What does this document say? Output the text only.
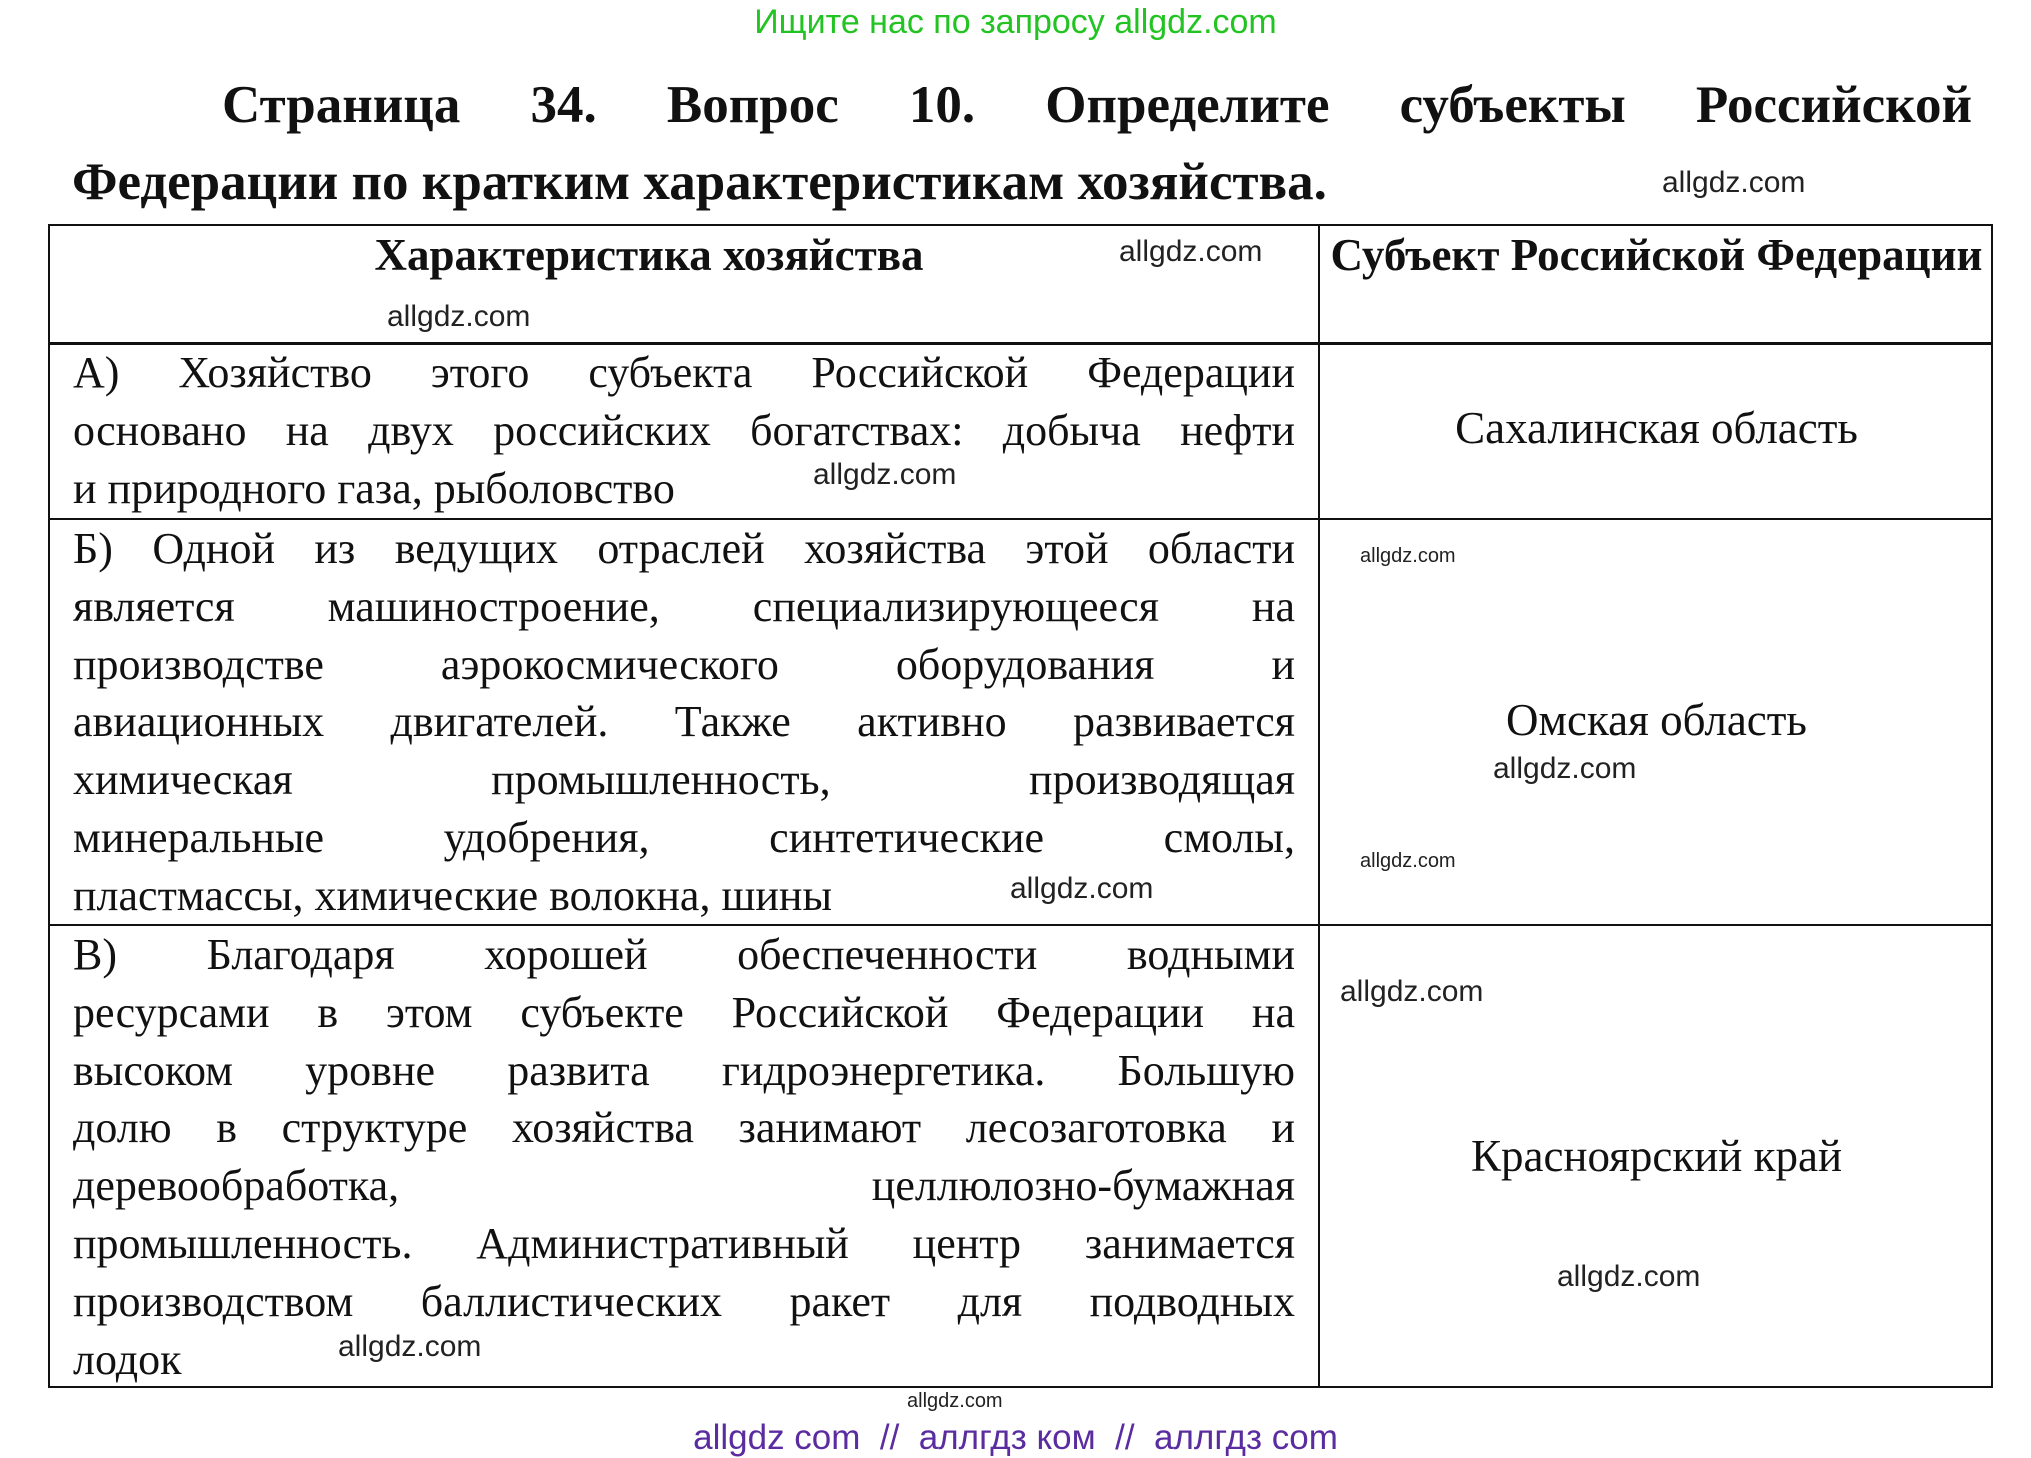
Ищите нас по запросу allgdz.com
Страница 34. Вопрос 10. Определите субъекты Российской
Федерации по кратким характеристикам хозяйства.
Характеристика хозяйства	Субъект Российской Федерации
А) Хозяйство этого субъекта Российской Федерации
основано на двух российских богатствах: добыча нефти
и природного газа, рыболовство
Сахалинская область
Б) Одной из ведущих отраслей хозяйства этой области
является машиностроение, специализирующееся на
производстве аэрокосмического оборудования и
авиационных двигателей. Также активно развивается
химическая промышленность, производящая
минеральные удобрения, синтетические смолы,
пластмассы, химические волокна, шины
Омская область
В) Благодаря хорошей обеспеченности водными
ресурсами в этом субъекте Российской Федерации на
высоком уровне развита гидроэнергетика. Большую
долю в структуре хозяйства занимают лесозаготовка и
деревообработка, целлюлозно-бумажная
промышленность. Административный центр занимается
производством баллистических ракет для подводных
лодок
Красноярский край
allgdz.com
allgdz.com
allgdz.com
allgdz.com
allgdz.com
allgdz.com
allgdz.com
allgdz.com
allgdz.com
allgdz.com
allgdz.com
allgdz.com
allgdz com  //  аллгдз ком  //  аллгдз com
